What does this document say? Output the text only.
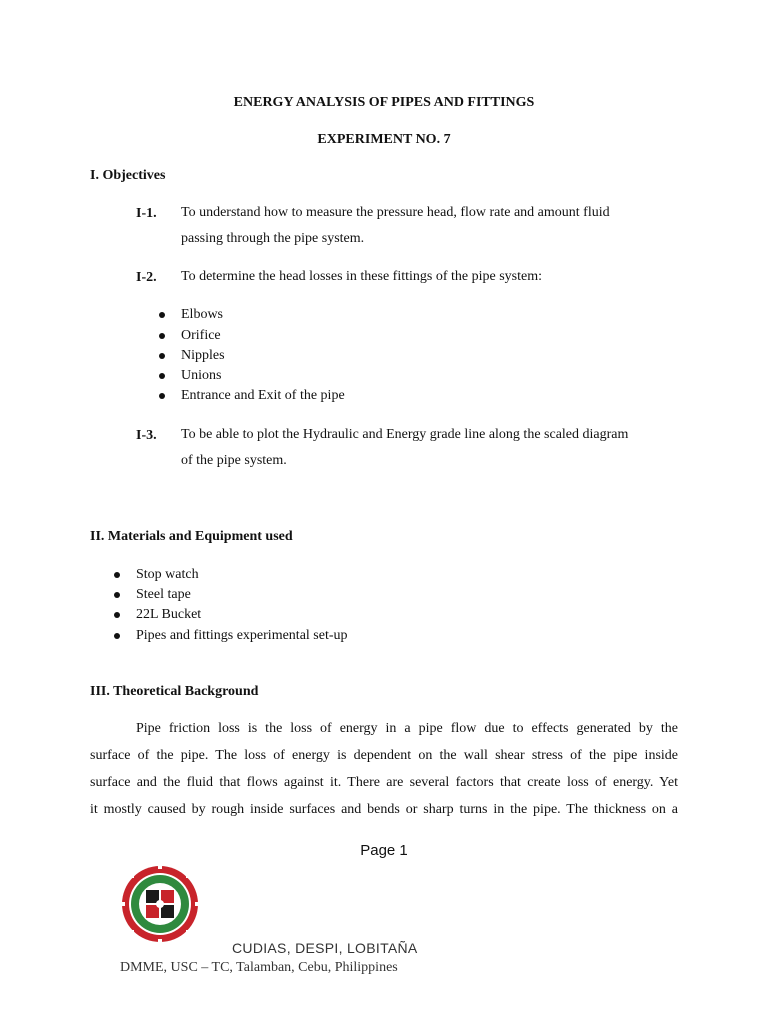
ENERGY ANALYSIS OF PIPES AND FITTINGS
EXPERIMENT NO. 7
I. Objectives
I-1. To understand how to measure the pressure head, flow rate and amount fluid
passing through the pipe system.
I-2. To determine the head losses in these fittings of the pipe system:
Elbows
Orifice
Nipples
Unions
Entrance and Exit of the pipe
I-3. To be able to plot the Hydraulic and Energy grade line along the scaled diagram
of the pipe system.
II. Materials and Equipment used
Stop watch
Steel tape
22L Bucket
Pipes and fittings experimental set-up
III. Theoretical Background
Pipe friction loss is the loss of energy in a pipe flow due to effects generated by the
surface of the pipe. The loss of energy is dependent on the wall shear stress of the pipe inside
surface and the fluid that flows against it. There are several factors that create loss of energy. Yet
it mostly caused by rough inside surfaces and bends or sharp turns in the pipe. The thickness on a
Page 1
CUDIAS, DESPI, LOBITAÑA
DMME, USC – TC, Talamban, Cebu, Philippines
